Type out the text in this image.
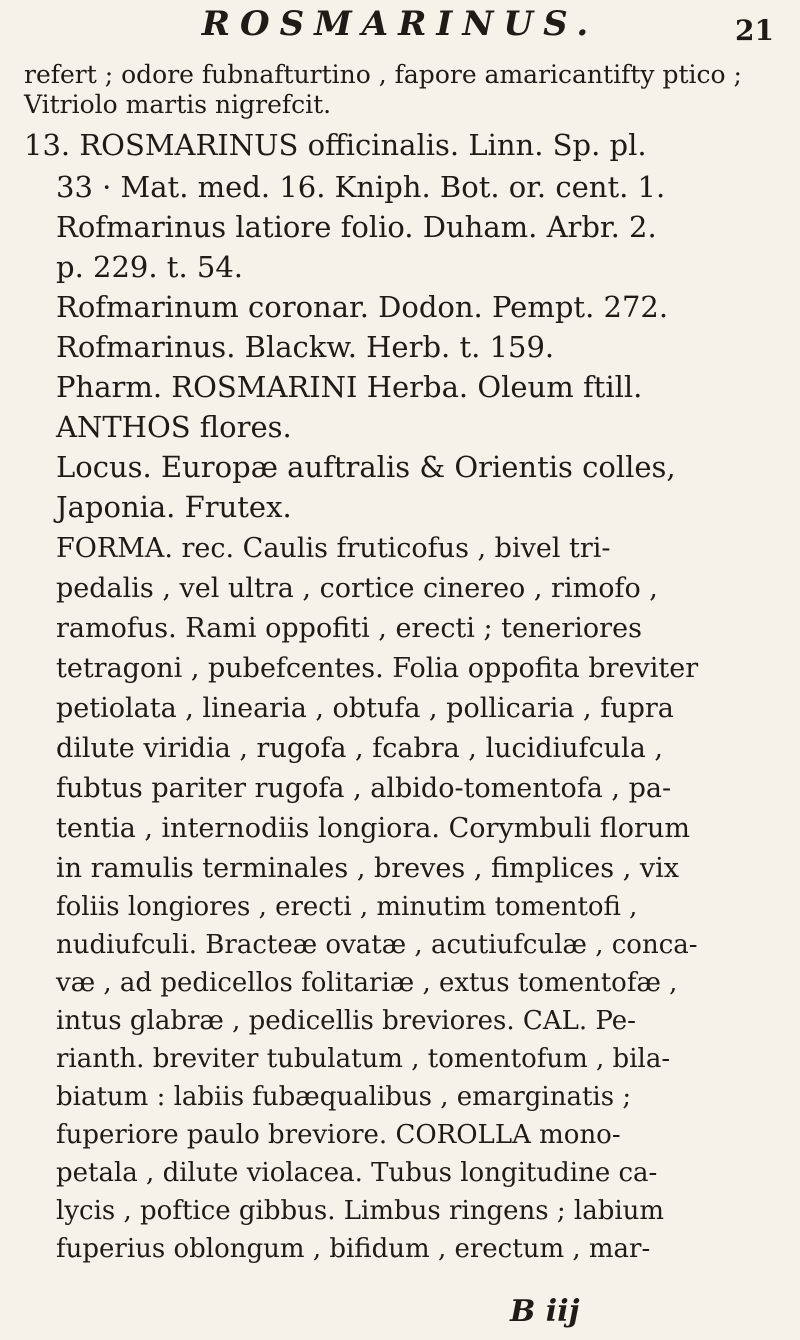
ROSMARINUS.	21
refert ; odore fubnafturtino , fapore amaricantifty ptico ;
Vitriolo martis nigrefcit.
13. ROSMARINUS officinalis. Linn. Sp. pl.
33 · Mat. med. 16. Kniph. Bot. or. cent. 1.
Rofmarinus latiore folio. Duham. Arbr. 2.
p. 229. t. 54.
Rofmarinum coronar. Dodon. Pempt. 272.
Rofmarinus. Blackw. Herb. t. 159.
Pharm. ROSMARINI Herba. Oleum ftill.
ANTHOS flores.
Locus. Europæ auftralis & Orientis colles,
Japonia. Frutex.
FORMA. rec. Caulis fruticofus , bivel tri-
pedalis , vel ultra , cortice cinereo , rimofo ,
ramofus. Rami oppofiti , erecti ; teneriores
tetragoni , pubefcentes. Folia oppofita breviter
petiolata , linearia , obtufa , pollicaria , fupra
dilute viridia , rugofa , fcabra , lucidiufcula ,
fubtus pariter rugofa , albido-tomentofa , pa-
tentia , internodiis longiora. Corymbuli florum
in ramulis terminales , breves , fimplices , vix
foliis longiores , erecti , minutim tomentofi ,
nudiufculi. Bracteæ ovatæ , acutiufculæ , conca-
væ , ad pedicellos folitariæ , extus tomentofæ ,
intus glabræ , pedicellis breviores. CAL. Pe-
rianth. breviter tubulatum , tomentofum , bila-
biatum : labiis fubæqualibus , emarginatis ;
fuperiore paulo breviore. COROLLA mono-
petala , dilute violacea. Tubus longitudine ca-
lycis , poftice gibbus. Limbus ringens ; labium
fuperius oblongum , bifidum , erectum , mar-
B iij
